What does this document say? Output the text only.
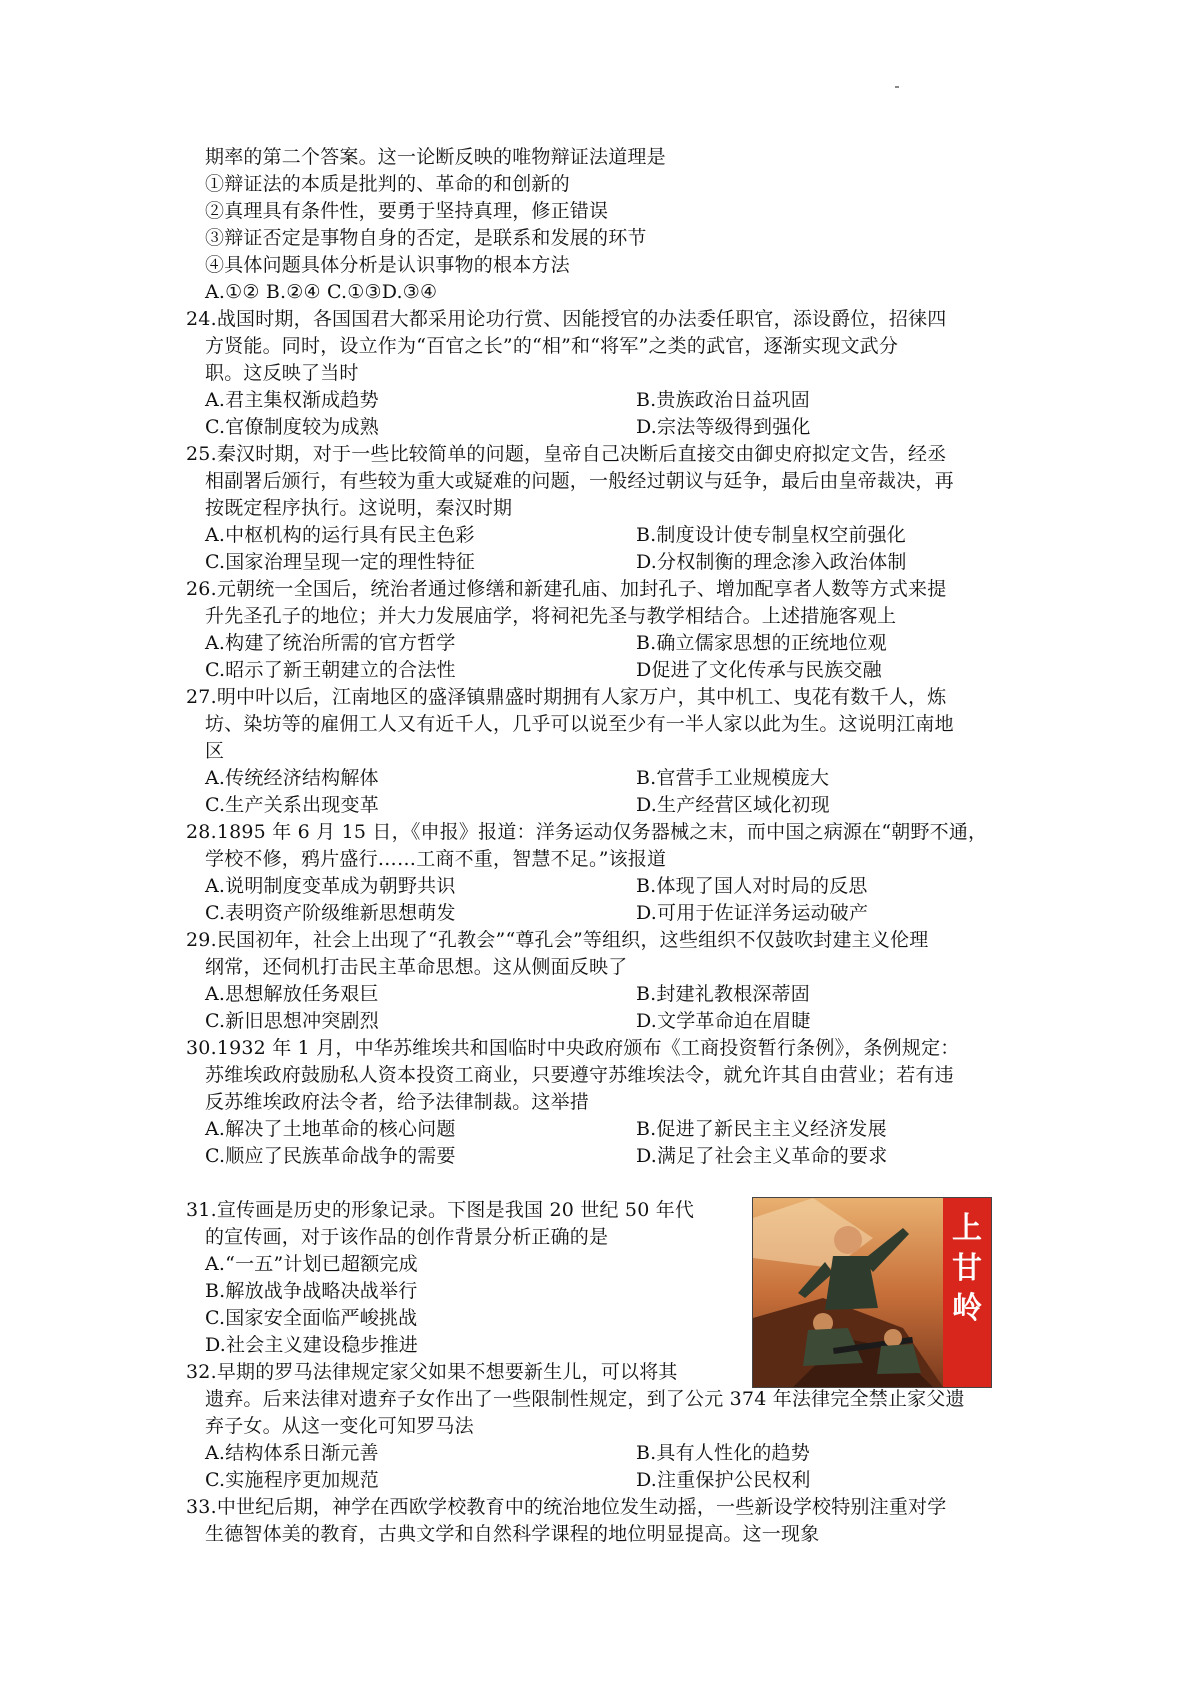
期率的第二个答案。这一论断反映的唯物辩证法道理是
①辩证法的本质是批判的、革命的和创新的
②真理具有条件性，要勇于坚持真理，修正错误
③辩证否定是事物自身的否定，是联系和发展的环节
④具体问题具体分析是认识事物的根本方法
A.①② B.②④ C.①③D.③④
24.战国时期，各国国君大都采用论功行赏、因能授官的办法委任职官，添设爵位，招徕四
方贤能。同时，设立作为“百官之长”的“相”和“将军”之类的武官，逐渐实现文武分
职。这反映了当时
A.君主集权渐成趋势	B.贵族政治日益巩固
C.官僚制度较为成熟	D.宗法等级得到强化
25.秦汉时期，对于一些比较简单的问题，皇帝自己决断后直接交由御史府拟定文告，经丞
相副署后颁行，有些较为重大或疑难的问题，一般经过朝议与廷争，最后由皇帝裁决，再
按既定程序执行。这说明，秦汉时期
A.中枢机构的运行具有民主色彩	B.制度设计使专制皇权空前强化
C.国家治理呈现一定的理性特征	D.分权制衡的理念渗入政治体制
26.元朝统一全国后，统治者通过修缮和新建孔庙、加封孔子、增加配享者人数等方式来提
升先圣孔子的地位；并大力发展庙学，将祠祀先圣与教学相结合。上述措施客观上
A.构建了统治所需的官方哲学	B.确立儒家思想的正统地位观
C.昭示了新王朝建立的合法性	D促进了文化传承与民族交融
27.明中叶以后，江南地区的盛泽镇鼎盛时期拥有人家万户，其中机工、曳花有数千人，炼
坊、染坊等的雇佣工人又有近千人，几乎可以说至少有一半人家以此为生。这说明江南地
区
A.传统经济结构解体	B.官营手工业规模庞大
C.生产关系出现变革	D.生产经营区域化初现
28.1895 年 6 月 15 日，《申报》报道：洋务运动仅务器械之末，而中国之病源在“朝野不通，
学校不修，鸦片盛行……工商不重，智慧不足。”该报道
A.说明制度变革成为朝野共识	B.体现了国人对时局的反思
C.表明资产阶级维新思想萌发	D.可用于佐证洋务运动破产
29.民国初年，社会上出现了“孔教会”“尊孔会”等组织，这些组织不仅鼓吹封建主义伦理
纲常，还伺机打击民主革命思想。这从侧面反映了
A.思想解放任务艰巨	B.封建礼教根深蒂固
C.新旧思想冲突剧烈	D.文学革命迫在眉睫
30.1932 年 1 月，中华苏维埃共和国临时中央政府颁布《工商投资暂行条例》，条例规定：
苏维埃政府鼓励私人资本投资工商业，只要遵守苏维埃法令，就允许其自由营业；若有违
反苏维埃政府法令者，给予法律制裁。这举措
A.解决了土地革命的核心问题	B.促进了新民主主义经济发展
C.顺应了民族革命战争的需要	D.满足了社会主义革命的要求
31.宣传画是历史的形象记录。下图是我国 20 世纪 50 年代
的宣传画，对于该作品的创作背景分析正确的是
A.“一五”计划已超额完成
B.解放战争战略决战举行
C.国家安全面临严峻挑战
D.社会主义建设稳步推进
上
甘
岭
32.早期的罗马法律规定家父如果不想要新生儿，可以将其
遗弃。后来法律对遗弃子女作出了一些限制性规定，到了公元 374 年法律完全禁止家父遗
弃子女。从这一变化可知罗马法
A.结构体系日渐元善	B.具有人性化的趋势
C.实施程序更加规范	D.注重保护公民权利
33.中世纪后期，神学在西欧学校教育中的统治地位发生动摇，一些新设学校特别注重对学
生德智体美的教育，古典文学和自然科学课程的地位明显提高。这一现象
